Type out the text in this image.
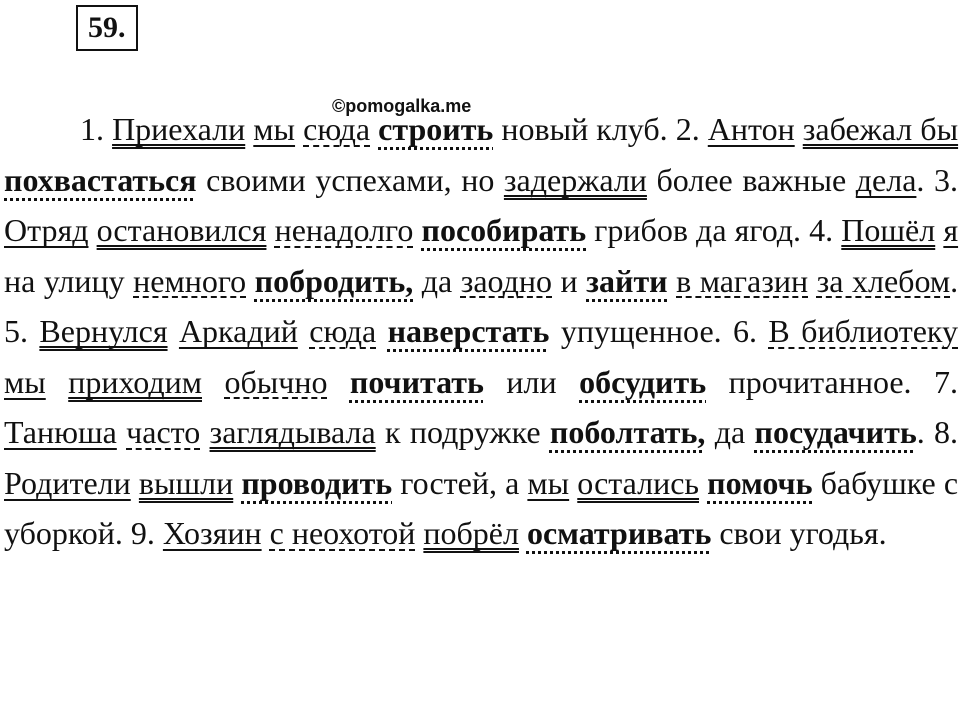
59.
©pomogalka.me
1. Приехали мы сюда строить новый клуб. 2. Антон забежал бы похвастаться своими успехами, но задержали более важные дела. 3. Отряд остановился ненадолго пособирать грибов да ягод. 4. Пошёл я на улицу немного побродить, да заодно и зайти в магазин за хлебом. 5. Вернулся Аркадий сюда наверстать упущенное. 6. В библиотеку мы приходим обычно почитать или обсудить прочитанное. 7. Танюша часто заглядывала к подружке поболтать, да посудачить. 8. Родители вышли проводить гостей, а мы остались помочь бабушке с уборкой. 9. Хозяин с неохотой побрёл осматривать свои угодья.
